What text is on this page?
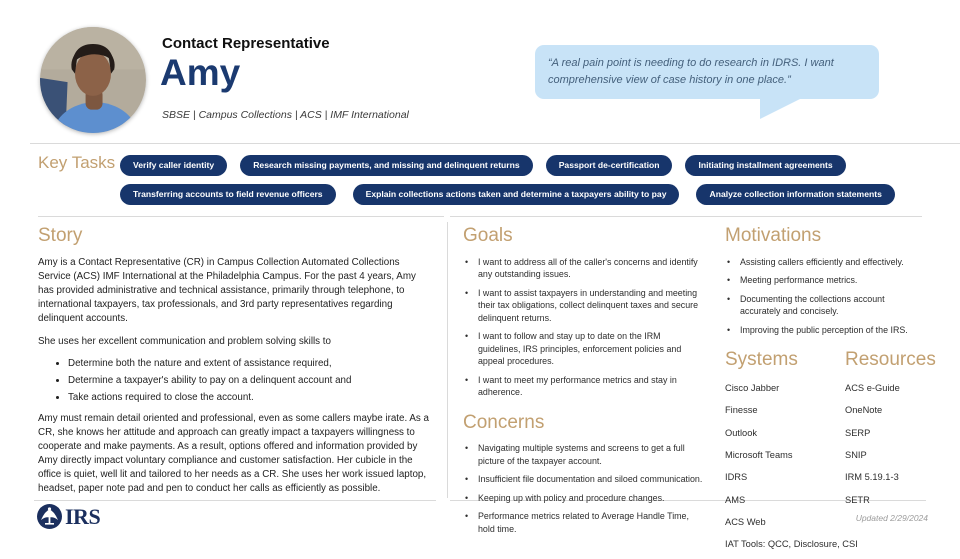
Contact Representative
Amy
SBSE | Campus Collections | ACS | IMF International
“A real pain point is needing to do research in IDRS. I want comprehensive view of case history in one place.”
Key Tasks	Verify caller identity	Research missing payments, and missing and delinquent returns	Passport de-certification	Initiating installment agreements
Transferring accounts to field revenue officers	Explain collections actions taken and determine a taxpayers ability to pay	Analyze collection information statements
Story

Amy is a Contact Representative (CR) in Campus Collection Automated Collections Service (ACS) IMF International at the Philadelphia Campus. For the past 4 years, Amy has provided administrative and technical assistance, primarily through telephone, to international taxpayers, tax professionals, and 3rd party representatives regarding delinquent accounts.

She uses her excellent communication and problem solving skills to

• Determine both the nature and extent of assistance required,
• Determine a taxpayer's ability to pay on a delinquent account and
• Take actions required to close the account.

Amy must remain detail oriented and professional, even as some callers maybe irate. As a CR, she knows her attitude and approach can greatly impact a taxpayers willingness to cooperate and make payments. As a result, options offered and information provided by Amy directly impact voluntary compliance and customer satisfaction. Her cubicle in the office is quiet, well lit and tailored to her needs as a CR. She uses her work issued laptop, headset, paper note pad and pen to conduct her calls as efficiently as possible.

Goals
• I want to address all of the caller's concerns and identify any outstanding issues.
• I want to assist taxpayers in understanding and meeting their tax obligations, collect delinquent taxes and secure delinquent returns.
• I want to follow and stay up to date on the IRM guidelines, IRS principles, enforcement policies and appeal procedures.
• I want to meet my performance metrics and stay in adherence.
Concerns
• Navigating multiple systems and screens to get a full picture of the taxpayer account.
• Insufficient file documentation and siloed communication.
• Keeping up with policy and procedure changes.
• Performance metrics related to Average Handle Time, hold time.
Motivations
• Assisting callers efficiently and effectively.
• Meeting performance metrics.
• Documenting the collections account accurately and concisely.
• Improving the public perception of the IRS.
Systems
Cisco Jabber
Finesse
Outlook
Microsoft Teams
IDRS
AMS
ACS Web
IAT Tools: QCC, Disclosure, CSI
Resources
ACS e-Guide
OneNote
SERP
SNIP
IRM 5.19.1-3
SETR
IRS	Updated 2/29/2024
